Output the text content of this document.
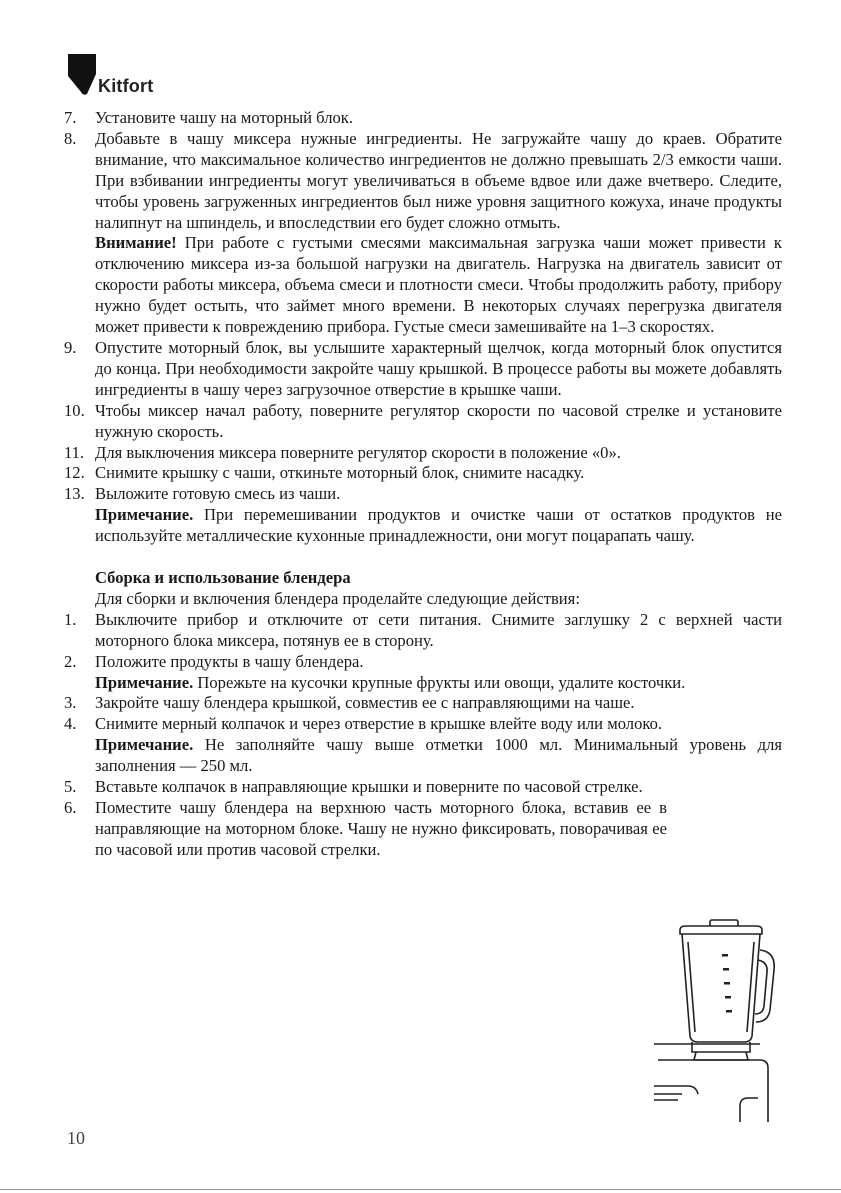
Kitfort
7. Установите чашу на моторный блок.
8. Добавьте в чашу миксера нужные ингредиенты. Не загружайте чашу до краев. Обратите внимание, что максимальное количество ингредиентов не должно превышать 2/3 емкости чаши. При взбивании ингредиенты могут увеличиваться в объеме вдвое или даже вчетверо. Следите, чтобы уровень загруженных ингредиентов был ниже уровня защитного кожуха, иначе продукты налипнут на шпиндель, и впоследствии его будет сложно отмыть.
Внимание! При работе с густыми смесями максимальная загрузка чаши может привести к отключению миксера из-за большой нагрузки на двигатель. Нагрузка на двигатель зависит от скорости работы миксера, объема смеси и плотности смеси. Чтобы продолжить работу, прибору нужно будет остыть, что займет много времени. В некоторых случаях перегрузка двигателя может привести к повреждению прибора. Густые смеси замешивайте на 1–3 скоростях.
9. Опустите моторный блок, вы услышите характерный щелчок, когда моторный блок опустится до конца. При необходимости закройте чашу крышкой. В процессе работы вы можете добавлять ингредиенты в чашу через загрузочное отверстие в крышке чаши.
10. Чтобы миксер начал работу, поверните регулятор скорости по часовой стрелке и установите нужную скорость.
11. Для выключения миксера поверните регулятор скорости в положение «0».
12. Снимите крышку с чаши, откиньте моторный блок, снимите насадку.
13. Выложите готовую смесь из чаши.
Примечание. При перемешивании продуктов и очистке чаши от остатков продуктов не используйте металлические кухонные принадлежности, они могут поцарапать чашу.
Сборка и использование блендера
Для сборки и включения блендера проделайте следующие действия:
1. Выключите прибор и отключите от сети питания. Снимите заглушку 2 с верхней части моторного блока миксера, потянув ее в сторону.
2. Положите продукты в чашу блендера.
Примечание. Порежьте на кусочки крупные фрукты или овощи, удалите косточки.
3. Закройте чашу блендера крышкой, совместив ее с направляющими на чаше.
4. Снимите мерный колпачок и через отверстие в крышке влейте воду или молоко.
Примечание. Не заполняйте чашу выше отметки 1000 мл. Минимальный уровень для заполнения — 250 мл.
5. Вставьте колпачок в направляющие крышки и поверните по часовой стрелке.
6. Поместите чашу блендера на верхнюю часть моторного блока, вставив ее в направляющие на моторном блоке. Чашу не нужно фиксировать, поворачивая ее по часовой или против часовой стрелки.
10
